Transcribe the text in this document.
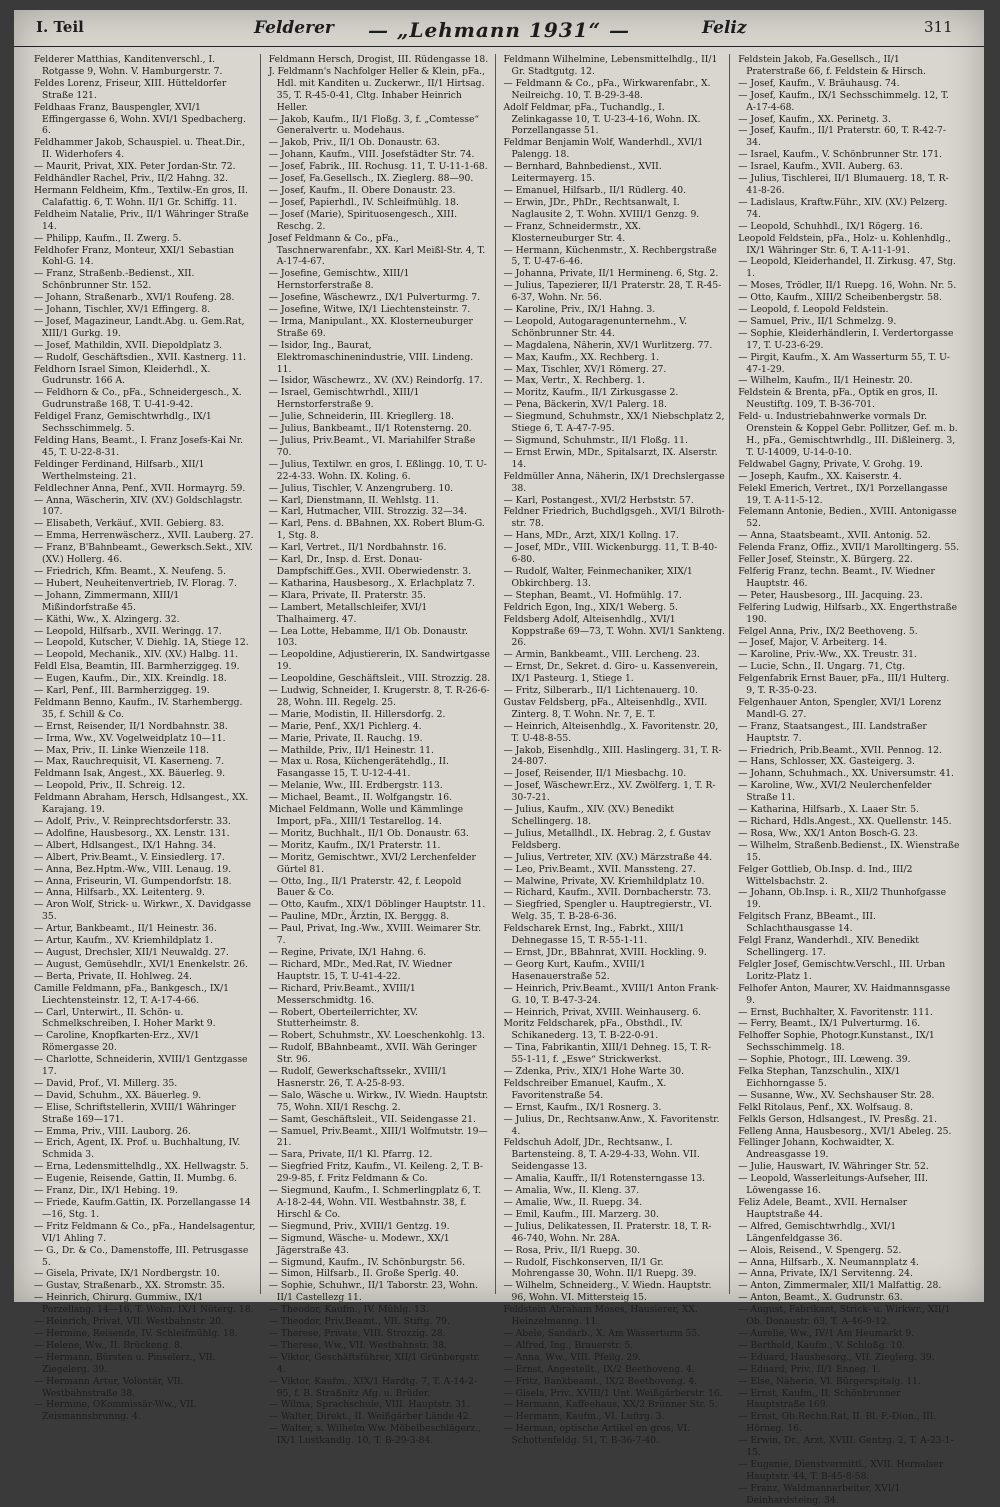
I. Teil	Felderer	— „Lehmann 1931“ —	Feliz	311

Felderer Matthias, Kanditenverschl., I. Rotgasse 9, Wohn. V. Hamburgerstr. 7.

Feldes Lorenz, Friseur, XIII. Hütteldorfer Straße 121.

Feldhaas Franz, Bauspengler, XVI/1 Effingergasse 6, Wohn. XVI/1 Spedbacherg. 6.

Feldhammer Jakob, Schauspiel. u. Theat.Dir., II. Widerhofers 4.

— Maurit, Privat, XIX. Peter Jordan-Str. 72.

Feldhändler Rachel, Priv., II/2 Hahng. 32.

Hermann Feldheim, Kfm., Textilw.-En gros, II. Calafattig. 6, T. Wohn. II/1 Gr. Schiffg. 11.

Feldheim Natalie, Priv., II/1 Währinger Straße 14.

— Philipp, Kaufm., II. Zwerg. 5.

Feldhofer Franz, Monteur, XXI/1 Sebastian Kohl-G. 14.

— Franz, Straßenb.-Bedienst., XII. Schönbrunner Str. 152.

— Johann, Straßenarb., XVI/1 Roufeng. 28.

— Johann, Tischler, XV/1 Effingerg. 8.

— Josef, Magazineur, Landt.Abg. u. Gem.Rat, XIII/1 Gurkg. 19.

— Josef, Mathildin, XVII. Diepoldplatz 3.

— Rudolf, Geschäftsdien., XVII. Kastnerg. 11.

Feldhorn Israel Simon, Kleiderhdl., X. Gudrunstr. 166 A.

— Feldhorn & Co., pFa., Schneidergesch., X. Gudrunstraße 168, T. U-41-9-42.

Feldigel Franz, Gemischtwrhdlg., IX/1 Sechsschimmelg. 5.

Felding Hans, Beamt., I. Franz Josefs-Kai Nr. 45, T. U-22-8-31.

Feldinger Ferdinand, Hilfsarb., XII/1 Werthelmsteing. 21.

Feldlechner Anna, Penf., XVII. Hormayrg. 59.

— Anna, Wäscherin, XIV. (XV.) Goldschlagstr. 107.

— Elisabeth, Verkäuf., XVII. Gebierg. 83.

— Emma, Herrenwäscherz., XVII. Lauberg. 27.

— Franz, B'Bahnbeamt., Gewerksch.Sekt., XIV. (XV.) Hollerg. 46.

— Friedrich, Kfm. Beamt., X. Neufeng. 5.

— Hubert, Neuheitenvertrieb, IV. Florag. 7.

— Johann, Zimmermann, XIII/1 Mißindorfstraße 45.

— Käthi, Ww., X. Alzingerg. 32.

— Leopold, Hilfsarb., XVII. Weringg. 17.

— Leopold, Kutscher, V. Diehlg. 1A, Stiege 12.

— Leopold, Mechanik., XIV. (XV.) Halbg. 11.

Feldl Elsa, Beamtin, III. Barmherziggeg. 19.

— Eugen, Kaufm., Dir., XIX. Kreindlg. 18.

— Karl, Penf., III. Barmherziggeg. 19.

Feldmann Benno, Kaufm., IV. Starhembergg. 35, f. Schill & Co.

— Ernst, Reisender, II/1 Nordbahnstr. 38.

— Irma, Ww., XV. Vogelweidplatz 10—11.

— Max, Priv., II. Linke Wienzeile 118.

— Max, Rauchrequisit, VI. Kaserneng. 7.

Feldmann Isak, Angest., XX. Bäuerleg. 9.

— Leopold, Priv., II. Schreig. 12.

Feldmann Abraham, Hersch, Hdlsangest., XX. Karajang. 19.

— Adolf, Priv., V. Reinprechtsdorferstr. 33.

— Adolfine, Hausbesorg., XX. Lenstr. 131.

— Albert, Hdlsangest., IX/1 Hahng. 34.

— Albert, Priv.Beamt., V. Einsiedlerg. 17.

— Anna, Bez.Hptm.-Ww., VIII. Lenaug. 19.

— Anna, Friseurin, VI. Gumpendorfstr. 18.

— Anna, Hilfsarb., XX. Leitenterg. 9.

— Aron Wolf, Strick- u. Wirkwr., X. Davidgasse 35.

— Artur, Bankbeamt., II/1 Heinestr. 36.

— Artur, Kaufm., XV. Kriemhildplatz 1.

— August, Drechsler, XII/1 Neuwaldg. 27.

— August, Gemüsehdlr., XVI/1 Enenkelstr. 26.

— Berta, Private, II. Hohlweg. 24.

Camille Feldmann, pFa., Bankgesch., IX/1 Liechtensteinstr. 12, T. A-17-4-66.

— Carl, Unterwirt., II. Schön- u. Schmelkschreiben, I. Hoher Markt 9.

— Caroline, Knopfkarten-Erz., XV/1 Römergasse 20.

— Charlotte, Schneiderin, XVIII/1 Gentzgasse 17.

— David, Prof., VI. Millerg. 35.

— David, Schuhm., XX. Bäuerleg. 9.

— Elise, Schriftstellerin, XVIII/1 Währinger Straße 169—171.

— Emma, Priv., VIII. Lauborg. 26.

— Erich, Agent, IX. Prof. u. Buchhaltung, IV. Schmida 3.

— Erna, Ledensmittelhdlg., XX. Hellwagstr. 5.

— Eugenie, Reisende, Gattin, II. Mumbg. 6.

— Franz, Dir., IX/1 Hebing. 19.

— Friede, Kaufm.Gattin, IX. Porzellangasse 14—16, Stg. 1.

— Fritz Feldmann & Co., pFa., Handelsagentur, VI/1 Ahling 7.

— G., Dr. & Co., Damenstoffe, III. Petrusgasse 5.

— Gisela, Private, IX/1 Nordbergstr. 10.

— Gustav, Straßenarb., XX. Stromstr. 35.

— Heinrich, Chirurg. Gummiw., IX/1 Porzellang. 14—16, T. Wohn. IX/1 Nöterg. 18.

— Heinrich, Privat, VII. Westbahnstr. 20.

— Hermine, Reisende, IV. Schleifmühlg. 18.

— Helene, Ww., II. Brückeng. 8.

— Hermann, Bürsten u. Pinselerz., VII. Ziegelerg. 39.

— Hermann Artur, Volontär, VII. Westbahnstraße 38.

— Hermine, OKommissär-Ww., VII. Zeismannsbrunng. 4.

Feldmann Hersch, Drogist, III. Rüdengasse 18.

J. Feldmann's Nachfolger Heller & Klein, pFa., Hdl. mit Kanditen u. Zuckerwr., II/1 Hirtsag. 35, T. R-45-0-41, Cltg. Inhaber Heinrich Heller.

— Jakob, Kaufm., II/1 Floßg. 3, f. „Comtesse“ Generalvertr. u. Modehaus.

— Jakob, Priv., II/1 Ob. Donaustr. 63.

— Johann, Kaufm., VIII. Josefstädter Str. 74.

— Josef, Fabrik., III. Rochusg. 11, T. U-11-1-68.

— Josef, Fa.Gesellsch., IX. Zieglerg. 88—90.

— Josef, Kaufm., II. Obere Donaustr. 23.

— Josef, Papierhdl., IV. Schleifmühlg. 18.

— Josef (Marie), Spirituosengesch., XIII. Reschg. 2.

Josef Feldmann & Co., pFa., Taschnerwarenfabr., XX. Karl Meißl-Str. 4, T. A-17-4-67.

— Josefine, Gemischtw., XIII/1 Hernstorferstraße 8.

— Josefine, Wäschewrz., IX/1 Pulverturmg. 7.

— Josefine, Witwe, IX/1 Liechtensteinstr. 7.

— Irma, Manipulant., XX. Klosterneuburger Straße 69.

— Isidor, Ing., Baurat, Elektromaschinenindustrie, VIII. Lindeng. 11.

— Isidor, Wäschewrz., XV. (XV.) Reindorfg. 17.

— Israel, Gemischtwrhdl., XIII/1 Hernstorferstraße 9.

— Julie, Schneiderin, III. Kriegllerg. 18.

— Julius, Bankbeamt., II/1 Rotensterng. 20.

— Julius, Priv.Beamt., VI. Mariahilfer Straße 70.

— Julius, Textilwr. en gros, I. Eßlingg. 10, T. U-22-4-33. Wohn. IX. Koling. 6.

— Julius, Tischler, V. Anzengruberg. 10.

— Karl, Dienstmann, II. Wehlstg. 11.

— Karl, Hutmacher, VIII. Strozzig. 32—34.

— Karl, Pens. d. BBahnen, XX. Robert Blum-G. 1, Stg. 8.

— Karl, Vertret., II/1 Nordbahnstr. 16.

— Karl, Dr., Insp. d. Erst. Donau-Dampfschiff.Ges., XVII. Oberwiedenstr. 3.

— Katharina, Hausbesorg., X. Erlachplatz 7.

— Klara, Private, II. Praterstr. 35.

— Lambert, Metallschleifer, XVI/1 Thalhaimerg. 47.

— Lea Lotte, Hebamme, II/1 Ob. Donaustr. 103.

— Leopoldine, Adjustiererin, IX. Sandwirtgasse 19.

— Leopoldine, Geschäftsleit., VIII. Strozzig. 28.

— Ludwig, Schneider, I. Krugerstr. 8, T. R-26-6-28, Wohn. III. Regelg. 25.

— Marie, Modistin, II. Hillersdorfg. 2.

— Marie, Penf., XX/1 Pichlerg. 4.

— Marie, Private, II. Rauchg. 19.

— Mathilde, Priv., II/1 Heinestr. 11.

— Max u. Rosa, Küchengerätehdlg., II. Fasangasse 15, T. U-12-4-41.

— Melanie, Ww., III. Erdbergstr. 113.

— Michael, Beamt., II. Wolfgangstr. 16.

Michael Feldmann, Wolle und Kämmlinge Import, pFa., XIII/1 Testarellog. 14.

— Moritz, Buchhalt., II/1 Ob. Donaustr. 63.

— Moritz, Kaufm., IX/1 Praterstr. 11.

— Moritz, Gemischtwr., XVI/2 Lerchenfelder Gürtel 81.

— Otto, Ing., II/1 Praterstr. 42, f. Leopold Bauer & Co.

— Otto, Kaufm., XIX/1 Döblinger Hauptstr. 11.

— Pauline, MDr., Ärztin, IX. Berggg. 8.

— Paul, Privat, Ing.-Ww., XVIII. Weimarer Str. 7.

— Regine, Private, IX/1 Hahng. 6.

— Richard, MDr., Med.Rat, IV. Wiedner Hauptstr. 15, T. U-41-4-22.

— Richard, Priv.Beamt., XVIII/1 Messerschmidtg. 16.

— Robert, Oberteilerrichter, XV. Stutterheimstr. 8.

— Robert, Schuhmstr., XV. Loeschenkohlg. 13.

— Rudolf, BBahnbeamt., XVII. Wäh Geringer Str. 96.

— Rudolf, Gewerkschaftssekr., XVIII/1 Hasnerstr. 26, T. A-25-8-93.

— Salo, Wäsche u. Wirkw., IV. Wiedn. Hauptstr. 75, Wohn. XII/1 Reschg. 2.

— Samt, Geschäftsleit., VII. Seidengasse 21.

— Samuel, Priv.Beamt., XIII/1 Wolfmutstr. 19—21.

— Sara, Private, II/1 Kl. Pfarrg. 12.

— Siegfried Fritz, Kaufm., VI. Keileng. 2, T. B-29-9-85, f. Fritz Feldmann & Co.

— Siegmund, Kaufm., I. Schmerlingplatz 6, T. A-18-2-44, Wohn. VII. Westbahnstr. 38, f. Hirschl & Co.

— Siegmund, Priv., XVIII/1 Gentzg. 19.

— Sigmund, Wäsche- u. Modewr., XX/1 Jägerstraße 43.

— Sigmund, Kaufm., IV. Schönburgstr. 56.

— Simon, Hilfsarb., II. Große Sperlg. 40.

— Sophie, Schuhwr., II/1 Taborstr. 23, Wohn. II/1 Castellezg 11.

— Theodor, Kaufm., IV. Mühlg. 13.

— Theodor, Priv.Beamt., VII. Stiftg. 79.

— Therese, Private, VIII. Strozzig. 28.

— Therese, Ww., VII. Westbahnstr. 38.

— Viktor, Geschäftsführer, XII/1 Grünbergstr. 4.

— Viktor, Kaufm., XIX/1 Hardtg. 7, T. A-14-2-95, f. B. Straßnitz Afg. u. Brüder.

— Wilma, Sprachschule, VIII. Hauptstr. 31.

— Walter, Direkt., II. Weißgärber Lände 42.

— Walter, s. Wilhelm Ww. Möbelbeschlägerz., IX/1 Lustkandlg. 10, T. B-29-3-84.

Feldmann Wilhelmine, Lebensmittelhdlg., II/1 Gr. Stadtgutg. 12.

— Feldmann & Co., pFa., Wirkwarenfabr., X. Neilreichg. 10, T. B-29-3-48.

Adolf Feldmar, pFa., Tuchandlg., I. Zelinkagasse 10, T. U-23-4-16, Wohn. IX. Porzellangasse 51.

Feldmar Benjamin Wolf, Wanderhdl., XVI/1 Palengg. 18.

— Bernhard, Bahnbedienst., XVII. Leitermayerg. 15.

— Emanuel, Hilfsarb., II/1 Rüdlerg. 40.

— Erwin, JDr., PhDr., Rechtsanwalt, I. Naglausite 2, T. Wohn. XVIII/1 Genzg. 9.

— Franz, Schneidermstr., XX. Klosterneuburger Str. 4.

— Hermann, Küchenmstr., X. Rechbergstraße 5, T. U-47-6-46.

— Johanna, Private, II/1 Hermineng. 6, Stg. 2.

— Julius, Tapezierer, II/1 Praterstr. 28, T. R-45-6-37, Wohn. Nr. 56.

— Karoline, Priv., IX/1 Hahng. 3.

— Leopold, Autogaragenunternehm., V. Schönbrunner Str. 44.

— Magdalena, Näherin, XV/1 Wurlitzerg. 77.

— Max, Kaufm., XX. Rechberg. 1.

— Max, Tischler, XV/1 Römerg. 27.

— Max, Vertr., X. Rechberg. 1.

— Moritz, Kaufm., II/1 Zirkusgasse 2.

— Pena, Bäckerin, XV/1 Palerg. 18.

— Siegmund, Schuhmstr., XX/1 Niebschplatz 2, Stiege 6, T. A-47-7-95.

— Sigmund, Schuhmstr., II/1 Floßg. 11.

— Ernst Erwin, MDr., Spitalsarzt, IX. Alserstr. 14.

Feldmüller Anna, Näherin, IX/1 Drechslergasse 38.

— Karl, Postangest., XVI/2 Herbststr. 57.

Feldner Friedrich, Buchdlgsgeh., XVI/1 Bilroth-str. 78.

— Hans, MDr., Arzt, XIX/1 Kollng. 17.

— Josef, MDr., VIII. Wickenburgg. 11, T. B-40-6-80.

— Rudolf, Walter, Feinmechaniker, XIX/1 Obkirchberg. 13.

— Stephan, Beamt., VI. Hofmühlg. 17.

Feldrich Egon, Ing., XIX/1 Weberg. 5.

Feldsberg Adolf, Alteisenhdlg., XVI/1 Koppstraße 69—73, T. Wohn. XVI/1 Sankteng. 26.

— Armin, Bankbeamt., VIII. Lercheng. 23.

— Ernst, Dr., Sekret. d. Giro- u. Kassenverein, IX/1 Pasteurg. 1, Stiege 1.

— Fritz, Silberarb., II/1 Lichtenauerg. 10.

Gustav Feldsberg, pFa., Alteisenhdlg., XVII. Zinterg. 8, T. Wohn. Nr. 7, E. T.

— Heinrich, Alteisenhdlg., X. Favoritenstr. 20, T. U-48-8-55.

— Jakob, Eisenhdlg., XIII. Haslingerg. 31, T. R-24-807.

— Josef, Reisender, II/1 Miesbachg. 10.

— Josef, Wäschewr.Erz., XV. Zwölferg. 1, T. R-30-7-21.

— Julius, Kaufm., XIV. (XV.) Benedikt Schellingerg. 18.

— Julius, Metallhdl., IX. Hebrag. 2, f. Gustav Feldsberg.

— Julius, Vertreter, XIV. (XV.) Märzstraße 44.

— Leo, Priv.Beamt., XVII. Manssteng. 27.

— Malwine, Private, XV. Kriemhildplatz 10.

— Richard, Kaufm., XVII. Dornbacherstr. 73.

— Siegfried, Spengler u. Hauptregierstr., VI. Welg. 35, T. B-28-6-36.

Feldscharek Ernst, Ing., Fabrkt., XIII/1 Dehnegasse 15, T. R-55-1-11.

— Ernst, JDr., BBahnrat, XVIII. Hockling. 9.

— Georg Kurt, Kaufm., XVIII/1 Hasenauerstraße 52.

— Heinrich, Priv.Beamt., XVIII/1 Anton Frank-G. 10, T. B-47-3-24.

— Heinrich, Privat, XVIII. Weinhauserg. 6.

Moritz Feldscharek, pFa., Obsthdl., IV. Schikanederg. 13, T. B-22-0-91.

— Tina, Fabrikantin, XIII/1 Dehneg. 15, T. R-55-1-11, f. „Eswe“ Strickwerkst.

— Zdenka, Priv., XIX/1 Hohe Warte 30.

Feldschreiber Emanuel, Kaufm., X. Favoritenstraße 54.

— Ernst, Kaufm., IX/1 Rosnerg. 3.

— Julius, Dr., Rechtsanw.Anw., X. Favoritenstr. 4.

Feldschuh Adolf, JDr., Rechtsanw., I. Bartensteing. 8, T. A-29-4-33, Wohn. VII. Seidengasse 13.

— Amalia, Kauffr., II/1 Rotensterngasse 13.

— Amalia, Ww., II. Kleng. 37.

— Amalie, Ww., II. Ruepg. 34.

— Emil, Kaufm., III. Marzerg. 30.

— Julius, Delikatessen, II. Praterstr. 18, T. R-46-740, Wohn. Nr. 28A.

— Rosa, Priv., II/1 Ruepg. 30.

— Rudolf, Fischkonserven, II/1 Gr. Mohrengasse 30, Wohn. II/1 Ruepg. 39.

— Wilhelm, Schneiderg., V. Wiedn. Hauptstr. 96, Wohn. VI. Mittersteig 15.

Feldstein Abraham Moses, Hausierer, XX. Heinzelmanng. 11.

— Abele, Sandarb., X. Am Wasserturm 55.

— Alfred, Ing., Brauerstr. 5.

— Anna, Ww., VIII. Pfeilg. 29.

— Ernst, Angestellt., IX/2 Beethoveng. 4.

— Fritz, Bankbeamt., IX/2 Beethoveng. 4.

— Gisela, Priv., XVIII/1 Unt. Weißgärberstr. 16.

— Hermann, Kaffeehaus, XX/2 Brünner Str. 5.

— Hermann, Kaufm., VI. Luftrg. 3.

— Herman, optische Artikel en gros, VI. Schottenfeldg. 51, T. B-36-7-40.

Feldstein Jakob, Fa.Gesellsch., II/1 Praterstraße 66, f. Feldstein & Hirsch.

— Josef, Kaufm., V. Bräuhausg. 74.

— Josef, Kaufm., IX/1 Sechsschimmelg. 12, T. A-17-4-68.

— Josef, Kaufm., XX. Perinetg. 3.

— Josef, Kaufm., II/1 Praterstr. 60, T. R-42-7-34.

— Israel, Kaufm., V. Schönbrunner Str. 171.

— Israel, Kaufm., XVII. Auberg. 63.

— Julius, Tischlerei, II/1 Blumauerg. 18, T. R-41-8-26.

— Ladislaus, Kraftw.Führ., XIV. (XV.) Pelzerg. 74.

— Leopold, Schuhhdl., IX/1 Rögerg. 16.

Leopold Feldstein, pFa., Holz- u. Kohlenhdlg., IX/1 Währinger Str. 6, T. A-11-1-91.

— Leopold, Kleiderhandel, II. Zirkusg. 47, Stg. 1.

— Moses, Trödler, II/1 Ruepg. 16, Wohn. Nr. 5.

— Otto, Kaufm., XIII/2 Scheibenbergstr. 58.

— Leopold, f. Leopold Feldstein.

— Samuel, Priv., II/1 Schmelzg. 9.

— Sophie, Kleiderhändlerin, I. Verdertorgasse 17, T. U-23-6-29.

— Pirgit, Kaufm., X. Am Wasserturm 55, T. U-47-1-29.

— Wilhelm, Kaufm., II/1 Heinestr. 20.

Feldstein & Brenta, pFa., Optik en gros, II. Neustiftg. 109, T. B-36-701.

Feld- u. Industriebahnwerke vormals Dr. Orenstein & Koppel Gebr. Pollitzer, Gef. m. b. H., pFa., Gemischtwrhdlg., III. Dißleinerg. 3, T. U-14009, U-14-0-10.

Feldwabel Gagny, Private, V. Grohg. 19.

— Joseph, Kaufm., XX. Kaiserstr. 4.

Felekl Emerich, Vertret., IX/1 Porzellangasse 19, T. A-11-5-12.

Felemann Antonie, Bedien., XVIII. Antonigasse 52.

— Anna, Staatsbeamt., XVII. Antonig. 52.

Felenda Franz, Offiz., XVII/1 Marolltingerg. 55.

Feller Josef, Steinstr., X. Bürgerg. 22.

Felferig Franz, techn. Beamt., IV. Wiedner Hauptstr. 46.

— Peter, Hausbesorg., III. Jacquing. 23.

Felfering Ludwig, Hilfsarb., XX. Engerthstraße 190.

Felgel Anna, Priv., IX/2 Beethoveng. 5.

— Josef, Major, V. Arbeiterg. 14.

— Karoline, Priv.-Ww., XX. Treustr. 31.

— Lucie, Schn., II. Ungarg. 71, Ctg.

Felgenfabrik Ernst Bauer, pFa., III/1 Hulterg. 9, T. R-35-0-23.

Felgenhauer Anton, Spengler, XVI/1 Lorenz Mandl-G. 27.

— Franz, Staatsangest., III. Landstraßer Hauptstr. 7.

— Friedrich, Prib.Beamt., XVII. Pennog. 12.

— Hans, Schlosser, XX. Gasteigerg. 3.

— Johann, Schuhmach., XX. Universumstr. 41.

— Karoline, Ww., XVI/2 Neulerchenfelder Straße 11.

— Katharina, Hilfsarb., X. Laaer Str. 5.

— Richard, Hdls.Angest., XX. Quellenstr. 145.

— Rosa, Ww., XX/1 Anton Bosch-G. 23.

— Wilhelm, Straßenb.Bedienst., IX. Wienstraße 15.

Felger Gottlieb, Ob.Insp. d. Ind., III/2 Wittelsbachstr. 2.

— Johann, Ob.Insp. i. R., XII/2 Thunhofgasse 19.

Felgitsch Franz, BBeamt., III. Schlachthausgasse 14.

Felgl Franz, Wanderhdl., XIV. Benedikt Schellingerg. 17.

Felgler Josef, Gemischtw.Verschl., III. Urban Loritz-Platz 1.

Felhofer Anton, Maurer, XV. Haidmannsgasse 9.

— Ernst, Buchhalter, X. Favoritenstr. 111.

— Ferry, Beamt., IX/1 Pulverturmg. 16.

Felhoffer Sophie, Photogr.Kunstanst., IX/1 Sechsschimmelg. 18.

— Sophie, Photogr., III. Lœweng. 39.

Felka Stephan, Tanzschulin., XIX/1 Eichhorngasse 5.

— Susanne, Ww., XV. Sechshauser Str. 28.

Felkl Ritolaus, Penf., XX. Wolfsaug. 8.

Felkls Gerson, Hdlsangest., IV. Presßg. 21.

Felleng Anna, Hausbesorg., XVI/1 Abeleg. 25.

Fellinger Johann, Kochwaidter, X. Andreasgasse 19.

— Julie, Hauswart, IV. Währinger Str. 52.

— Leopold, Wasserleitungs-Aufseher, III. Löwengasse 16.

Feliz Adele, Beamt., XVII. Hernalser Hauptstraße 44.

— Alfred, Gemischtwrhdlg., XVI/1 Längenfeldgasse 36.

— Alois, Reisend., V. Spengerg. 52.

— Anna, Hilfsarb., X. Neumannplatz 4.

— Anna, Private, IX/1 Servitenng. 24.

— Anton, Zimmermaler, XII/1 Malfattig. 28.

— Anton, Beamt., X. Gudrunstr. 63.

— August, Fabrikant, Strick- u. Wirkwr., XII/1 Ob. Donaustr. 63, T. A-46-9-12.

— Aurelie, Ww., IV/1 Am Heumarkt 9.

— Berthold, Kaufm., V. Schloßg. 10.

— Eduard, Hausbesorg., VII. Zieglerg. 39.

— Eduard, Priv., II/1 Enneg. 1.

— Else, Näherin, VI. Bürgerspitalg. 11.

— Ernst, Kaufm., II. Schönbrunner Hauptstraße 169.

— Ernst, Ob.Rechn.Rat, II. Bl. F.-Dion., III. Hörneg. 16.

— Erwin, Dr., Arzt, XVIII. Gentzg. 2, T. A-23-1-15.

— Eugenie, Dienstvermittl., XVII. Hernalser Hauptstr. 44, T. B-45-8-58.

— Franz, Waldmannarbeiter, XVI/1 Deinhardsteing. 34.
